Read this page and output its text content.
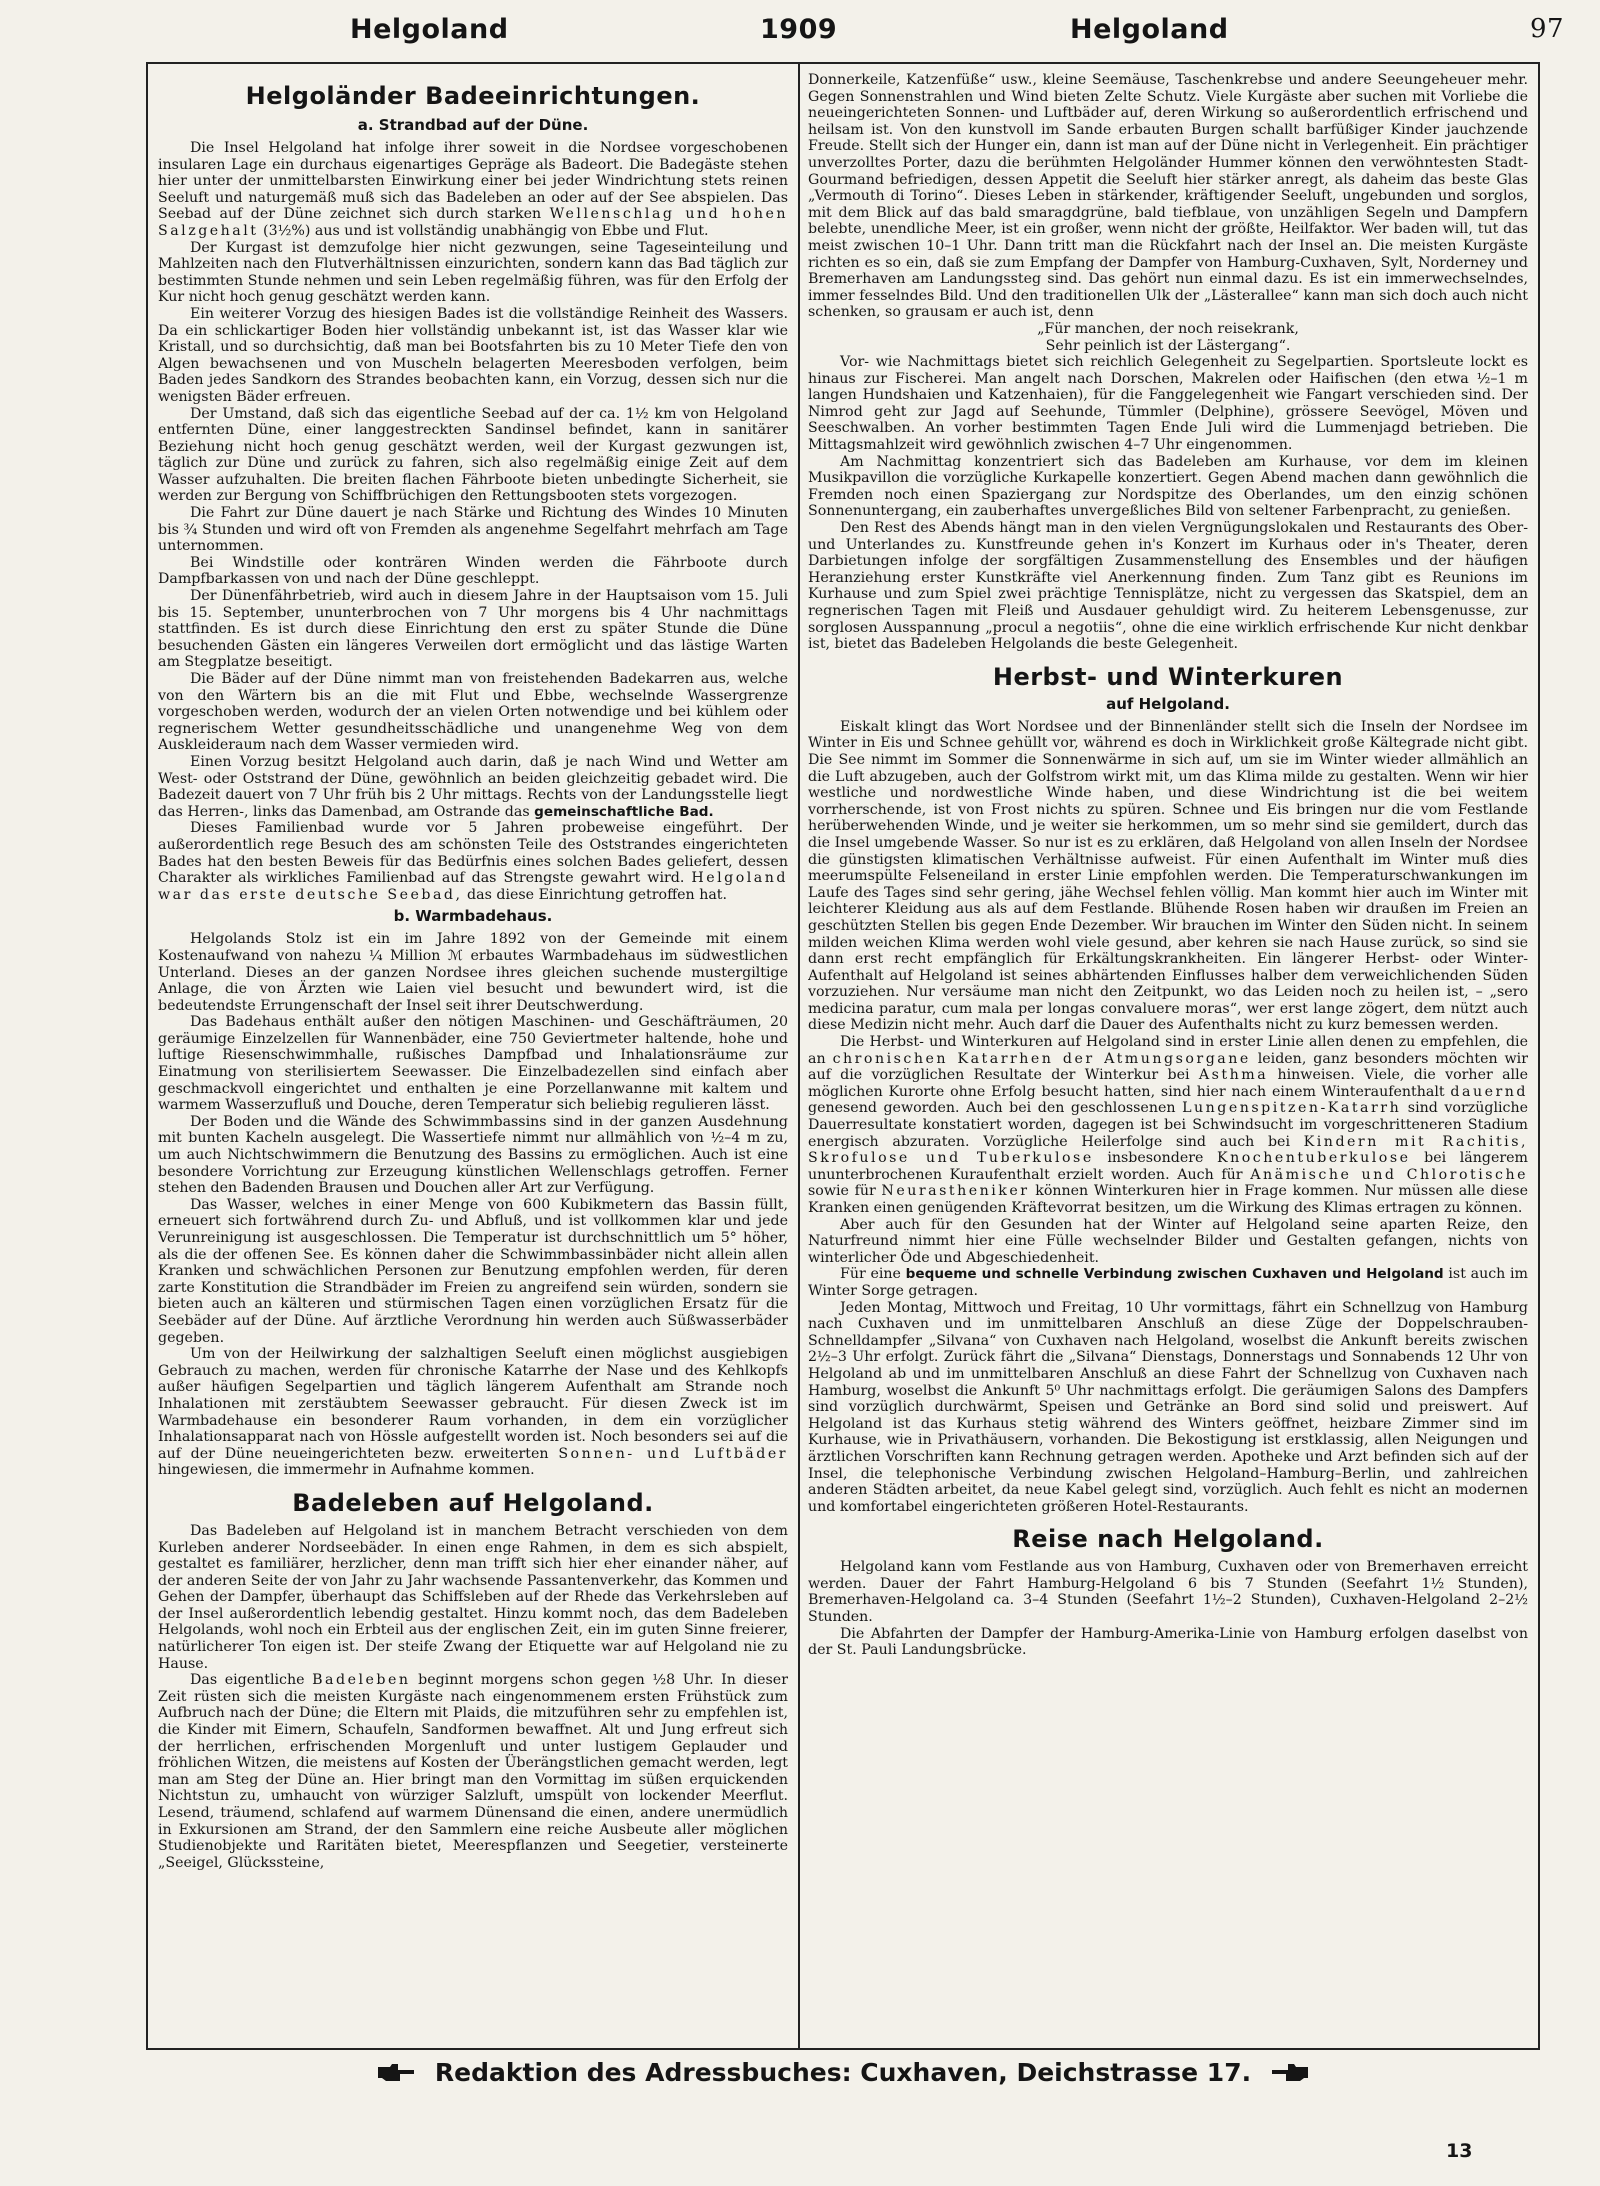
Helgoland	1909	Helgoland	97
Helgoländer Badeeinrichtungen.
a. Strandbad auf der Düne.

Die Insel Helgoland hat infolge ihrer soweit in die Nordsee vorgeschobenen insularen Lage ein durchaus eigenartiges Gepräge als Badeort. Die Badegäste stehen hier unter der unmittelbarsten Einwirkung einer bei jeder Windrichtung stets reinen Seeluft und naturgemäß muß sich das Badeleben an oder auf der See abspielen. Das Seebad auf der Düne zeichnet sich durch starken Wellenschlag und hohen Salzgehalt (3½%) aus und ist vollständig unabhängig von Ebbe und Flut.

Der Kurgast ist demzufolge hier nicht gezwungen, seine Tageseinteilung und Mahlzeiten nach den Flutverhältnissen einzurichten, sondern kann das Bad täglich zur bestimmten Stunde nehmen und sein Leben regelmäßig führen, was für den Erfolg der Kur nicht hoch genug geschätzt werden kann.

Ein weiterer Vorzug des hiesigen Bades ist die vollständige Reinheit des Wassers. Da ein schlickartiger Boden hier vollständig unbekannt ist, ist das Wasser klar wie Kristall, und so durchsichtig, daß man bei Bootsfahrten bis zu 10 Meter Tiefe den von Algen bewachsenen und von Muscheln belagerten Meeresboden verfolgen, beim Baden jedes Sandkorn des Strandes beobachten kann, ein Vorzug, dessen sich nur die wenigsten Bäder erfreuen.

Der Umstand, daß sich das eigentliche Seebad auf der ca. 1½ km von Helgoland entfernten Düne, einer langgestreckten Sandinsel befindet, kann in sanitärer Beziehung nicht hoch genug geschätzt werden, weil der Kurgast gezwungen ist, täglich zur Düne und zurück zu fahren, sich also regelmäßig einige Zeit auf dem Wasser aufzuhalten. Die breiten flachen Fährboote bieten unbedingte Sicherheit, sie werden zur Bergung von Schiffbrüchigen den Rettungsbooten stets vorgezogen.

Die Fahrt zur Düne dauert je nach Stärke und Richtung des Windes 10 Minuten bis ¾ Stunden und wird oft von Fremden als angenehme Segelfahrt mehrfach am Tage unternommen.

Bei Windstille oder konträren Winden werden die Fährboote durch Dampfbarkassen von und nach der Düne geschleppt.

Der Dünenfährbetrieb, wird auch in diesem Jahre in der Hauptsaison vom 15. Juli bis 15. September, ununterbrochen von 7 Uhr morgens bis 4 Uhr nachmittags stattfinden. Es ist durch diese Einrichtung den erst zu später Stunde die Düne besuchenden Gästen ein längeres Verweilen dort ermöglicht und das lästige Warten am Stegplatze beseitigt.

Die Bäder auf der Düne nimmt man von freistehenden Badekarren aus, welche von den Wärtern bis an die mit Flut und Ebbe, wechselnde Wassergrenze vorgeschoben werden, wodurch der an vielen Orten notwendige und bei kühlem oder regnerischem Wetter gesundheitsschädliche und unangenehme Weg von dem Auskleideraum nach dem Wasser vermieden wird.

Einen Vorzug besitzt Helgoland auch darin, daß je nach Wind und Wetter am West- oder Oststrand der Düne, gewöhnlich an beiden gleichzeitig gebadet wird. Die Badezeit dauert von 7 Uhr früh bis 2 Uhr mittags. Rechts von der Landungsstelle liegt das Herren-, links das Damenbad, am Ostrande das gemeinschaftliche Bad.

Dieses Familienbad wurde vor 5 Jahren probeweise eingeführt. Der außerordentlich rege Besuch des am schönsten Teile des Oststrandes eingerichteten Bades hat den besten Beweis für das Bedürfnis eines solchen Bades geliefert, dessen Charakter als wirkliches Familienbad auf das Strengste gewahrt wird. Helgoland war das erste deutsche Seebad, das diese Einrichtung getroffen hat.

b. Warmbadehaus.

Helgolands Stolz ist ein im Jahre 1892 von der Gemeinde mit einem Kostenaufwand von nahezu ¼ Million ℳ erbautes Warmbadehaus im südwestlichen Unterland. Dieses an der ganzen Nordsee ihres gleichen suchende mustergiltige Anlage, die von Ärzten wie Laien viel besucht und bewundert wird, ist die bedeutendste Errungenschaft der Insel seit ihrer Deutschwerdung.

Das Badehaus enthält außer den nötigen Maschinen- und Geschäfträumen, 20 geräumige Einzelzellen für Wannenbäder, eine 750 Geviertmeter haltende, hohe und luftige Riesenschwimmhalle, rußisches Dampfbad und Inhalationsräume zur Einatmung von sterilisiertem Seewasser. Die Einzelbadezellen sind einfach aber geschmackvoll eingerichtet und enthalten je eine Porzellanwanne mit kaltem und warmem Wasserzufluß und Douche, deren Temperatur sich beliebig regulieren lässt.

Der Boden und die Wände des Schwimmbassins sind in der ganzen Ausdehnung mit bunten Kacheln ausgelegt. Die Wassertiefe nimmt nur allmählich von ½–4 m zu, um auch Nichtschwimmern die Benutzung des Bassins zu ermöglichen. Auch ist eine besondere Vorrichtung zur Erzeugung künstlichen Wellenschlags getroffen. Ferner stehen den Badenden Brausen und Douchen aller Art zur Verfügung.

Das Wasser, welches in einer Menge von 600 Kubikmetern das Bassin füllt, erneuert sich fortwährend durch Zu- und Abfluß, und ist vollkommen klar und jede Verunreinigung ist ausgeschlossen. Die Temperatur ist durchschnittlich um 5° höher, als die der offenen See. Es können daher die Schwimmbassinbäder nicht allein allen Kranken und schwächlichen Personen zur Benutzung empfohlen werden, für deren zarte Konstitution die Strandbäder im Freien zu angreifend sein würden, sondern sie bieten auch an kälteren und stürmischen Tagen einen vorzüglichen Ersatz für die Seebäder auf der Düne. Auf ärztliche Verordnung hin werden auch Süßwasserbäder gegeben.

Um von der Heilwirkung der salzhaltigen Seeluft einen möglichst ausgiebigen Gebrauch zu machen, werden für chronische Katarrhe der Nase und des Kehlkopfs außer häufigen Segelpartien und täglich längerem Aufenthalt am Strande noch Inhalationen mit zerstäubtem Seewasser gebraucht. Für diesen Zweck ist im Warmbadehause ein besonderer Raum vorhanden, in dem ein vorzüglicher Inhalationsapparat nach von Hössle aufgestellt worden ist. Noch besonders sei auf die auf der Düne neueingerichteten bezw. erweiterten Sonnen- und Luftbäder hingewiesen, die immermehr in Aufnahme kommen.

Badeleben auf Helgoland.

Das Badeleben auf Helgoland ist in manchem Betracht verschieden von dem Kurleben anderer Nordseebäder. In einen enge Rahmen, in dem es sich abspielt, gestaltet es familiärer, herzlicher, denn man trifft sich hier eher einander näher, auf der anderen Seite der von Jahr zu Jahr wachsende Passantenverkehr, das Kommen und Gehen der Dampfer, überhaupt das Schiffsleben auf der Rhede das Verkehrsleben auf der Insel außerordentlich lebendig gestaltet. Hinzu kommt noch, das dem Badeleben Helgolands, wohl noch ein Erbteil aus der englischen Zeit, ein im guten Sinne freierer, natürlicherer Ton eigen ist. Der steife Zwang der Etiquette war auf Helgoland nie zu Hause.

Das eigentliche Badeleben beginnt morgens schon gegen ½8 Uhr. In dieser Zeit rüsten sich die meisten Kurgäste nach eingenommenem ersten Frühstück zum Aufbruch nach der Düne; die Eltern mit Plaids, die mitzuführen sehr zu empfehlen ist, die Kinder mit Eimern, Schaufeln, Sandformen bewaffnet. Alt und Jung erfreut sich der herrlichen, erfrischenden Morgenluft und unter lustigem Geplauder und fröhlichen Witzen, die meistens auf Kosten der Überängstlichen gemacht werden, legt man am Steg der Düne an. Hier bringt man den Vormittag im süßen erquickenden Nichtstun zu, umhaucht von würziger Salzluft, umspült von lockender Meerflut. Lesend, träumend, schlafend auf warmem Dünensand die einen, andere unermüdlich in Exkursionen am Strand, der den Sammlern eine reiche Ausbeute aller möglichen Studienobjekte und Raritäten bietet, Meerespflanzen und Seegetier, versteinerte „Seeigel, Glückssteine,

Donnerkeile, Katzenfüße“ usw., kleine Seemäuse, Taschenkrebse und andere Seeungeheuer mehr. Gegen Sonnenstrahlen und Wind bieten Zelte Schutz. Viele Kurgäste aber suchen mit Vorliebe die neueingerichteten Sonnen- und Luftbäder auf, deren Wirkung so außerordentlich erfrischend und heilsam ist. Von den kunstvoll im Sande erbauten Burgen schallt barfüßiger Kinder jauchzende Freude. Stellt sich der Hunger ein, dann ist man auf der Düne nicht in Verlegenheit. Ein prächtiger unverzolltes Porter, dazu die berühmten Helgoländer Hummer können den verwöhntesten Stadt-Gourmand befriedigen, dessen Appetit die Seeluft hier stärker anregt, als daheim das beste Glas „Vermouth di Torino“. Dieses Leben in stärkender, kräftigender Seeluft, ungebunden und sorglos, mit dem Blick auf das bald smaragdgrüne, bald tiefblaue, von unzähligen Segeln und Dampfern belebte, unendliche Meer, ist ein großer, wenn nicht der größte, Heilfaktor. Wer baden will, tut das meist zwischen 10–1 Uhr. Dann tritt man die Rückfahrt nach der Insel an. Die meisten Kurgäste richten es so ein, daß sie zum Empfang der Dampfer von Hamburg-Cuxhaven, Sylt, Norderney und Bremerhaven am Landungssteg sind. Das gehört nun einmal dazu. Es ist ein immerwechselndes, immer fesselndes Bild. Und den traditionellen Ulk der „Lästerallee“ kann man sich doch auch nicht schenken, so grausam er auch ist, denn

„Für manchen, der noch reisekrank,

Sehr peinlich ist der Lästergang“.

Vor- wie Nachmittags bietet sich reichlich Gelegenheit zu Segelpartien. Sportsleute lockt es hinaus zur Fischerei. Man angelt nach Dorschen, Makrelen oder Haifischen (den etwa ½–1 m langen Hundshaien und Katzenhaien), für die Fanggelegenheit wie Fangart verschieden sind. Der Nimrod geht zur Jagd auf Seehunde, Tümmler (Delphine), grössere Seevögel, Möven und Seeschwalben. An vorher bestimmten Tagen Ende Juli wird die Lummenjagd betrieben. Die Mittagsmahlzeit wird gewöhnlich zwischen 4–7 Uhr eingenommen.

Am Nachmittag konzentriert sich das Badeleben am Kurhause, vor dem im kleinen Musikpavillon die vorzügliche Kurkapelle konzertiert. Gegen Abend machen dann gewöhnlich die Fremden noch einen Spaziergang zur Nordspitze des Oberlandes, um den einzig schönen Sonnenuntergang, ein zauberhaftes unvergeßliches Bild von seltener Farbenpracht, zu genießen.

Den Rest des Abends hängt man in den vielen Vergnügungslokalen und Restaurants des Ober- und Unterlandes zu. Kunstfreunde gehen in's Konzert im Kurhaus oder in's Theater, deren Darbietungen infolge der sorgfältigen Zusammenstellung des Ensembles und der häufigen Heranziehung erster Kunstkräfte viel Anerkennung finden. Zum Tanz gibt es Reunions im Kurhause und zum Spiel zwei prächtige Tennisplätze, nicht zu vergessen das Skatspiel, dem an regnerischen Tagen mit Fleiß und Ausdauer gehuldigt wird. Zu heiterem Lebensgenusse, zur sorglosen Ausspannung „procul a negotiis“, ohne die eine wirklich erfrischende Kur nicht denkbar ist, bietet das Badeleben Helgolands die beste Gelegenheit.

Herbst- und Winterkuren
auf Helgoland.

Eiskalt klingt das Wort Nordsee und der Binnenländer stellt sich die Inseln der Nordsee im Winter in Eis und Schnee gehüllt vor, während es doch in Wirklichkeit große Kältegrade nicht gibt. Die See nimmt im Sommer die Sonnenwärme in sich auf, um sie im Winter wieder allmählich an die Luft abzugeben, auch der Golfstrom wirkt mit, um das Klima milde zu gestalten. Wenn wir hier westliche und nordwestliche Winde haben, und diese Windrichtung ist die bei weitem vorrherschende, ist von Frost nichts zu spüren. Schnee und Eis bringen nur die vom Festlande herüberwehenden Winde, und je weiter sie herkommen, um so mehr sind sie gemildert, durch das die Insel umgebende Wasser. So nur ist es zu erklären, daß Helgoland von allen Inseln der Nordsee die günstigsten klimatischen Verhältnisse aufweist. Für einen Aufenthalt im Winter muß dies meerumspülte Felseneiland in erster Linie empfohlen werden. Die Temperaturschwankungen im Laufe des Tages sind sehr gering, jähe Wechsel fehlen völlig. Man kommt hier auch im Winter mit leichterer Kleidung aus als auf dem Festlande. Blühende Rosen haben wir draußen im Freien an geschützten Stellen bis gegen Ende Dezember. Wir brauchen im Winter den Süden nicht. In seinem milden weichen Klima werden wohl viele gesund, aber kehren sie nach Hause zurück, so sind sie dann erst recht empfänglich für Erkältungskrankheiten. Ein längerer Herbst- oder Winter-Aufenthalt auf Helgoland ist seines abhärtenden Einflusses halber dem verweichlichenden Süden vorzuziehen. Nur versäume man nicht den Zeitpunkt, wo das Leiden noch zu heilen ist, – „sero medicina paratur, cum mala per longas convaluere moras“, wer erst lange zögert, dem nützt auch diese Medizin nicht mehr. Auch darf die Dauer des Aufenthalts nicht zu kurz bemessen werden.

Die Herbst- und Winterkuren auf Helgoland sind in erster Linie allen denen zu empfehlen, die an chronischen Katarrhen der Atmungsorgane leiden, ganz besonders möchten wir auf die vorzüglichen Resultate der Winterkur bei Asthma hinweisen. Viele, die vorher alle möglichen Kurorte ohne Erfolg besucht hatten, sind hier nach einem Winteraufenthalt dauernd genesend geworden. Auch bei den geschlossenen Lungenspitzen-Katarrh sind vorzügliche Dauerresultate konstatiert worden, dagegen ist bei Schwindsucht im vorgeschritteneren Stadium energisch abzuraten. Vorzügliche Heilerfolge sind auch bei Kindern mit Rachitis, Skrofulose und Tuberkulose insbesondere Knochentuberkulose bei längerem ununterbrochenen Kuraufenthalt erzielt worden. Auch für Anämische und Chlorotische sowie für Neurastheniker können Winterkuren hier in Frage kommen. Nur müssen alle diese Kranken einen genügenden Kräftevorrat besitzen, um die Wirkung des Klimas ertragen zu können.

Aber auch für den Gesunden hat der Winter auf Helgoland seine aparten Reize, den Naturfreund nimmt hier eine Fülle wechselnder Bilder und Gestalten gefangen, nichts von winterlicher Öde und Abgeschiedenheit.

Für eine bequeme und schnelle Verbindung zwischen Cuxhaven und Helgoland ist auch im Winter Sorge getragen.

Jeden Montag, Mittwoch und Freitag, 10 Uhr vormittags, fährt ein Schnellzug von Hamburg nach Cuxhaven und im unmittelbaren Anschluß an diese Züge der Doppelschrauben-Schnelldampfer „Silvana“ von Cuxhaven nach Helgoland, woselbst die Ankunft bereits zwischen 2½–3 Uhr erfolgt. Zurück fährt die „Silvana“ Dienstags, Donnerstags und Sonnabends 12 Uhr von Helgoland ab und im unmittelbaren Anschluß an diese Fahrt der Schnellzug von Cuxhaven nach Hamburg, woselbst die Ankunft 5⁰ Uhr nachmittags erfolgt. Die geräumigen Salons des Dampfers sind vorzüglich durchwärmt, Speisen und Getränke an Bord sind solid und preiswert. Auf Helgoland ist das Kurhaus stetig während des Winters geöffnet, heizbare Zimmer sind im Kurhause, wie in Privathäusern, vorhanden. Die Bekostigung ist erstklassig, allen Neigungen und ärztlichen Vorschriften kann Rechnung getragen werden. Apotheke und Arzt befinden sich auf der Insel, die telephonische Verbindung zwischen Helgoland–Hamburg–Berlin, und zahlreichen anderen Städten arbeitet, da neue Kabel gelegt sind, vorzüglich. Auch fehlt es nicht an modernen und komfortabel eingerichteten größeren Hotel-Restaurants.

Reise nach Helgoland.

Helgoland kann vom Festlande aus von Hamburg, Cuxhaven oder von Bremerhaven erreicht werden. Dauer der Fahrt Hamburg-Helgoland 6 bis 7 Stunden (Seefahrt 1½ Stunden), Bremerhaven-Helgoland ca. 3–4 Stunden (Seefahrt 1½–2 Stunden), Cuxhaven-Helgoland 2–2½ Stunden.

Die Abfahrten der Dampfer der Hamburg-Amerika-Linie von Hamburg erfolgen daselbst von der St. Pauli Landungsbrücke.

Redaktion des Adressbuches: Cuxhaven, Deichstrasse 17.
13
